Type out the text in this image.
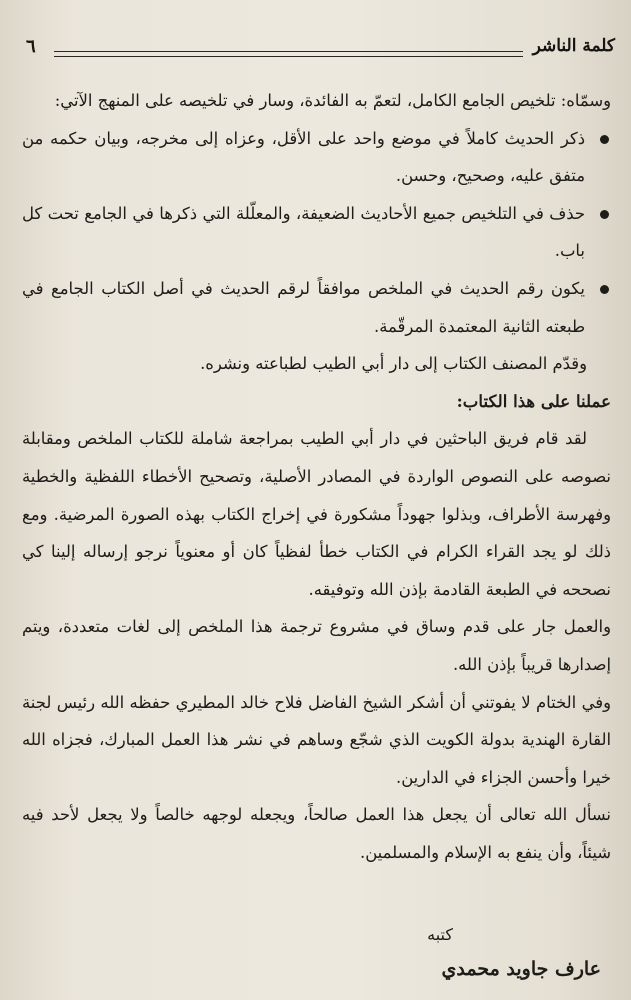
كلمة الناشر
٦

وسمّاه: تلخيص الجامع الكامل، لتعمّ به الفائدة، وسار في تلخيصه على المنهج الآتي:

ذكر الحديث كاملاً في موضع واحد على الأقل، وعزاه إلى مخرجه، وبيان حكمه من متفق عليه، وصحيح، وحسن.
حذف في التلخيص جميع الأحاديث الضعيفة، والمعلّلة التي ذكرها في الجامع تحت كل باب.
يكون رقم الحديث في الملخص موافقاً لرقم الحديث في أصل الكتاب الجامع في طبعته الثانية المعتمدة المرقّمة.

وقدّم المصنف الكتاب إلى دار أبي الطيب لطباعته ونشره.

عملنا على هذا الكتاب:

لقد قام فريق الباحثين في دار أبي الطيب بمراجعة شاملة للكتاب الملخص ومقابلة نصوصه على النصوص الواردة في المصادر الأصلية، وتصحيح الأخطاء اللفظية والخطية وفهرسة الأطراف، وبذلوا جهوداً مشكورة في إخراج الكتاب بهذه الصورة المرضية. ومع ذلك لو يجد القراء الكرام في الكتاب خطأ لفظياً كان أو معنوياً نرجو إرساله إلينا كي نصححه في الطبعة القادمة بإذن الله وتوفيقه.

والعمل جار على قدم وساق في مشروع ترجمة هذا الملخص إلى لغات متعددة، ويتم إصدارها قريباً بإذن الله.

وفي الختام لا يفوتني أن أشكر الشيخ الفاضل فلاح خالد المطيري حفظه الله رئيس لجنة القارة الهندية بدولة الكويت الذي شجّع وساهم في نشر هذا العمل المبارك، فجزاه الله خيرا وأحسن الجزاء في الدارين.

نسأل الله تعالى أن يجعل هذا العمل صالحاً، ويجعله لوجهه خالصاً ولا يجعل لأحد فيه شيئاً، وأن ينفع به الإسلام والمسلمين.

كتبه
عارف جاويد محمدي
